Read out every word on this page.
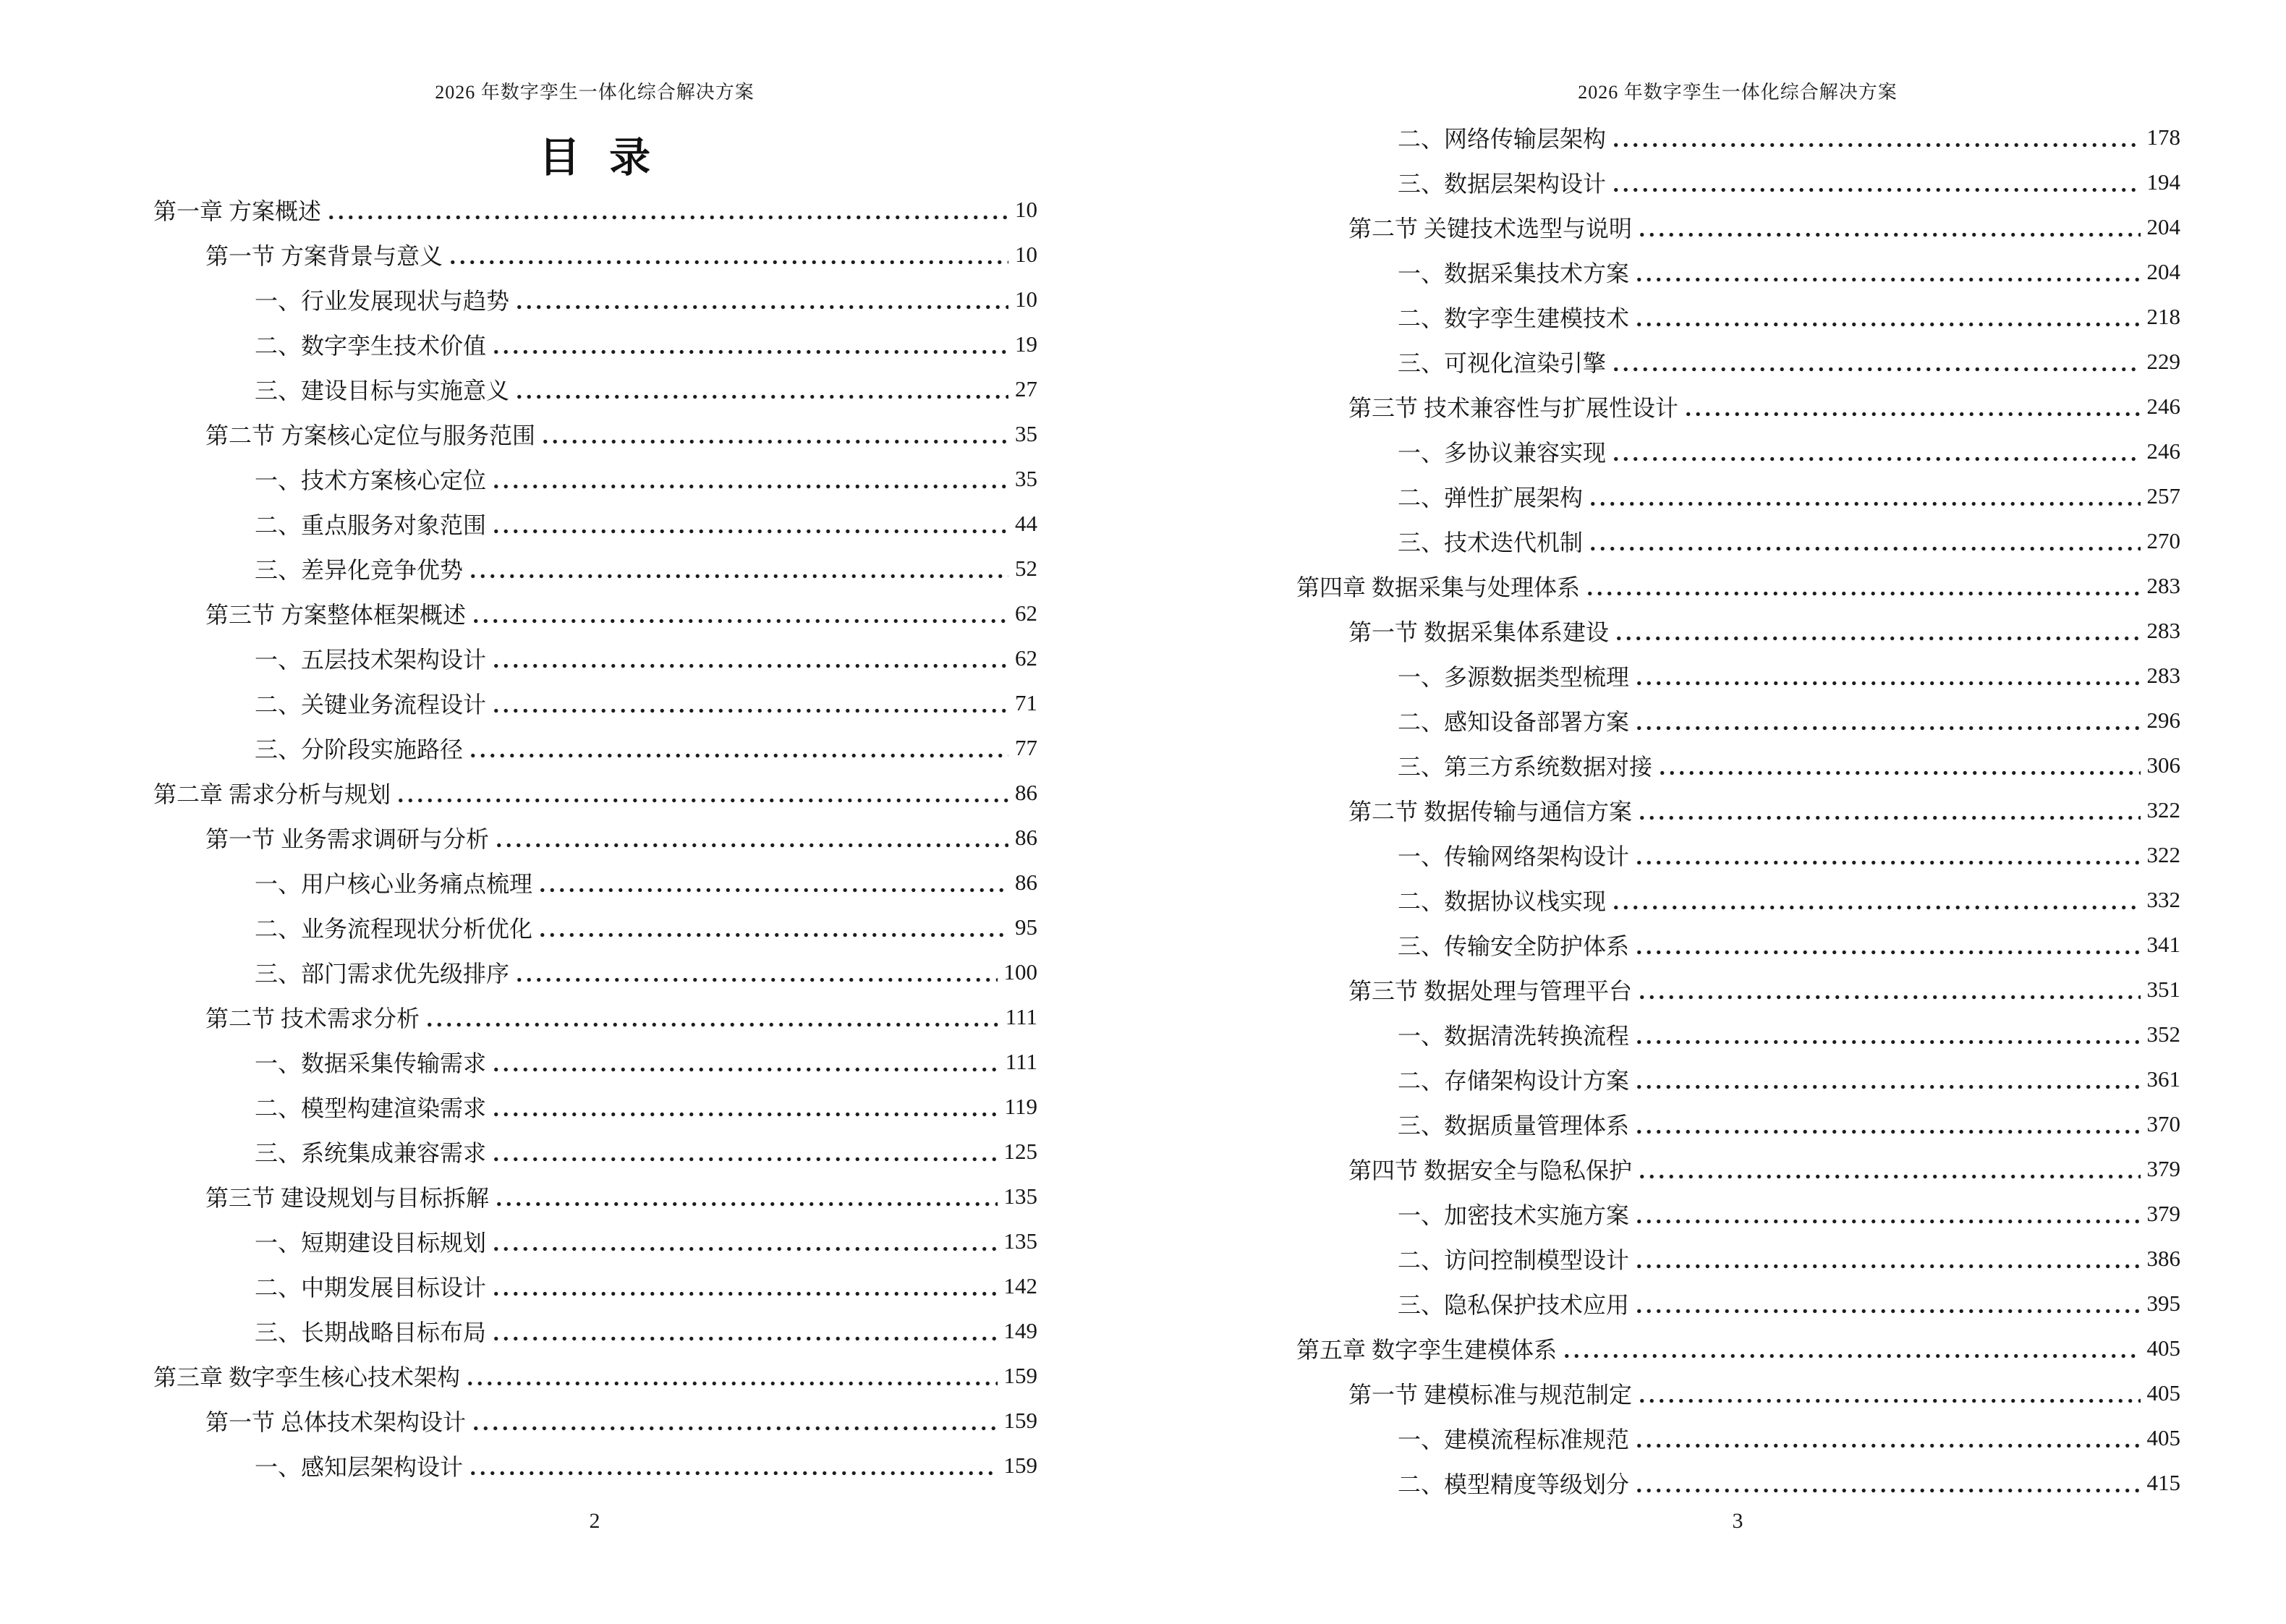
2026 年数字孪生一体化综合解决方案
目 录
第一章 方案概述	10
第一节 方案背景与意义	10
一、行业发展现状与趋势	10
二、数字孪生技术价值	19
三、建设目标与实施意义	27
第二节 方案核心定位与服务范围	35
一、技术方案核心定位	35
二、重点服务对象范围	44
三、差异化竞争优势	52
第三节 方案整体框架概述	62
一、五层技术架构设计	62
二、关键业务流程设计	71
三、分阶段实施路径	77
第二章 需求分析与规划	86
第一节 业务需求调研与分析	86
一、用户核心业务痛点梳理	86
二、业务流程现状分析优化	95
三、部门需求优先级排序	100
第二节 技术需求分析	111
一、数据采集传输需求	111
二、模型构建渲染需求	119
三、系统集成兼容需求	125
第三节 建设规划与目标拆解	135
一、短期建设目标规划	135
二、中期发展目标设计	142
三、长期战略目标布局	149
第三章 数字孪生核心技术架构	159
第一节 总体技术架构设计	159
一、感知层架构设计	159
2
2026 年数字孪生一体化综合解决方案
二、网络传输层架构	178
三、数据层架构设计	194
第二节 关键技术选型与说明	204
一、数据采集技术方案	204
二、数字孪生建模技术	218
三、可视化渲染引擎	229
第三节 技术兼容性与扩展性设计	246
一、多协议兼容实现	246
二、弹性扩展架构	257
三、技术迭代机制	270
第四章 数据采集与处理体系	283
第一节 数据采集体系建设	283
一、多源数据类型梳理	283
二、感知设备部署方案	296
三、第三方系统数据对接	306
第二节 数据传输与通信方案	322
一、传输网络架构设计	322
二、数据协议栈实现	332
三、传输安全防护体系	341
第三节 数据处理与管理平台	351
一、数据清洗转换流程	352
二、存储架构设计方案	361
三、数据质量管理体系	370
第四节 数据安全与隐私保护	379
一、加密技术实施方案	379
二、访问控制模型设计	386
三、隐私保护技术应用	395
第五章 数字孪生建模体系	405
第一节 建模标准与规范制定	405
一、建模流程标准规范	405
二、模型精度等级划分	415
3
